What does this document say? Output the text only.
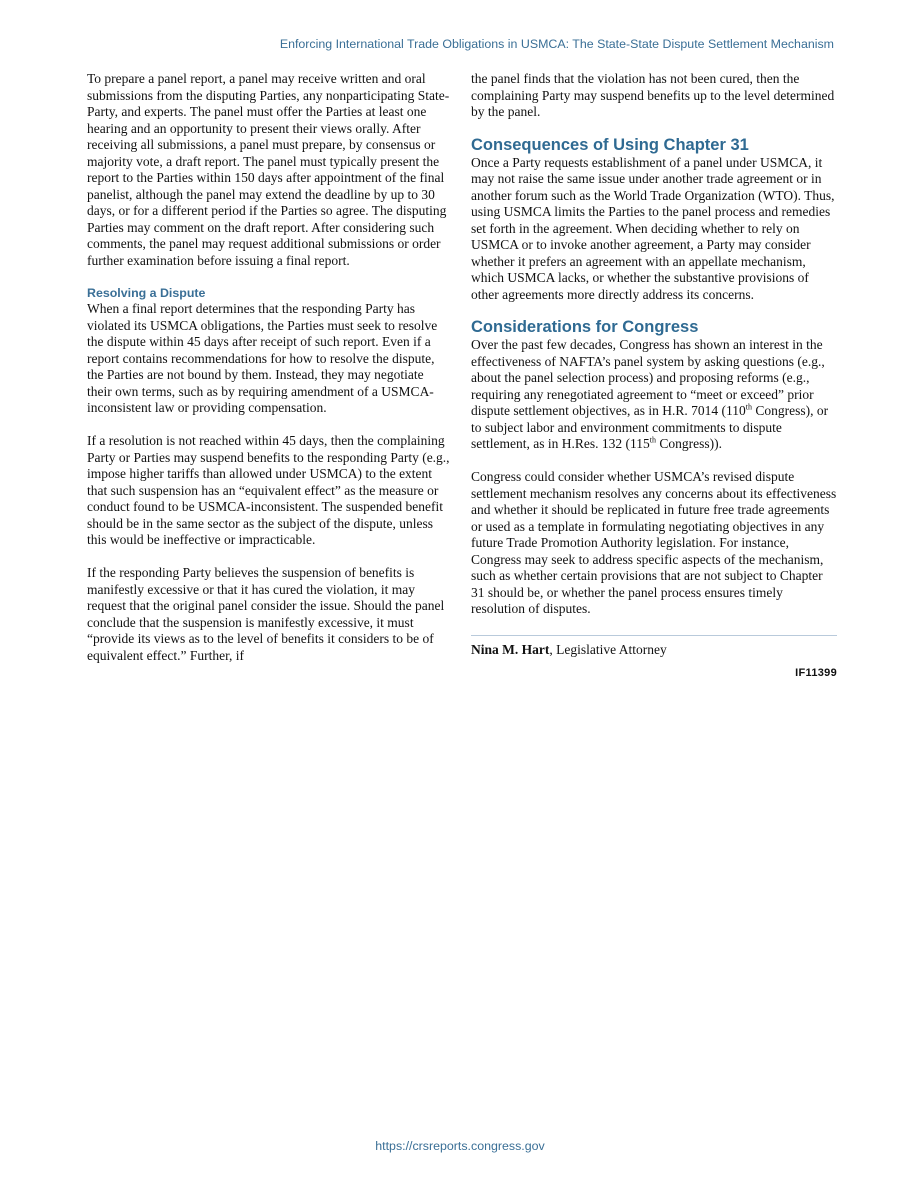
Enforcing International Trade Obligations in USMCA: The State-State Dispute Settlement Mechanism

To prepare a panel report, a panel may receive written and oral submissions from the disputing Parties, any nonparticipating State-Party, and experts. The panel must offer the Parties at least one hearing and an opportunity to present their views orally. After receiving all submissions, a panel must prepare, by consensus or majority vote, a draft report. The panel must typically present the report to the Parties within 150 days after appointment of the final panelist, although the panel may extend the deadline by up to 30 days, or for a different period if the Parties so agree. The disputing Parties may comment on the draft report. After considering such comments, the panel may request additional submissions or order further examination before issuing a final report.

Resolving a Dispute

When a final report determines that the responding Party has violated its USMCA obligations, the Parties must seek to resolve the dispute within 45 days after receipt of such report. Even if a report contains recommendations for how to resolve the dispute, the Parties are not bound by them. Instead, they may negotiate their own terms, such as by requiring amendment of a USMCA-inconsistent law or providing compensation.

If a resolution is not reached within 45 days, then the complaining Party or Parties may suspend benefits to the responding Party (e.g., impose higher tariffs than allowed under USMCA) to the extent that such suspension has an “equivalent effect” as the measure or conduct found to be USMCA-inconsistent. The suspended benefit should be in the same sector as the subject of the dispute, unless this would be ineffective or impracticable.

If the responding Party believes the suspension of benefits is manifestly excessive or that it has cured the violation, it may request that the original panel consider the issue. Should the panel conclude that the suspension is manifestly excessive, it must “provide its views as to the level of benefits it considers to be of equivalent effect.” Further, if

the panel finds that the violation has not been cured, then the complaining Party may suspend benefits up to the level determined by the panel.

Consequences of Using Chapter 31

Once a Party requests establishment of a panel under USMCA, it may not raise the same issue under another trade agreement or in another forum such as the World Trade Organization (WTO). Thus, using USMCA limits the Parties to the panel process and remedies set forth in the agreement. When deciding whether to rely on USMCA or to invoke another agreement, a Party may consider whether it prefers an agreement with an appellate mechanism, which USMCA lacks, or whether the substantive provisions of other agreements more directly address its concerns.

Considerations for Congress

Over the past few decades, Congress has shown an interest in the effectiveness of NAFTA’s panel system by asking questions (e.g., about the panel selection process) and proposing reforms (e.g., requiring any renegotiated agreement to “meet or exceed” prior dispute settlement objectives, as in H.R. 7014 (110th Congress), or to subject labor and environment commitments to dispute settlement, as in H.Res. 132 (115th Congress)).

Congress could consider whether USMCA’s revised dispute settlement mechanism resolves any concerns about its effectiveness and whether it should be replicated in future free trade agreements or used as a template in formulating negotiating objectives in any future Trade Promotion Authority legislation. For instance, Congress may seek to address specific aspects of the mechanism, such as whether certain provisions that are not subject to Chapter 31 should be, or whether the panel process ensures timely resolution of disputes.

Nina M. Hart, Legislative Attorney

IF11399
https://crsreports.congress.gov
